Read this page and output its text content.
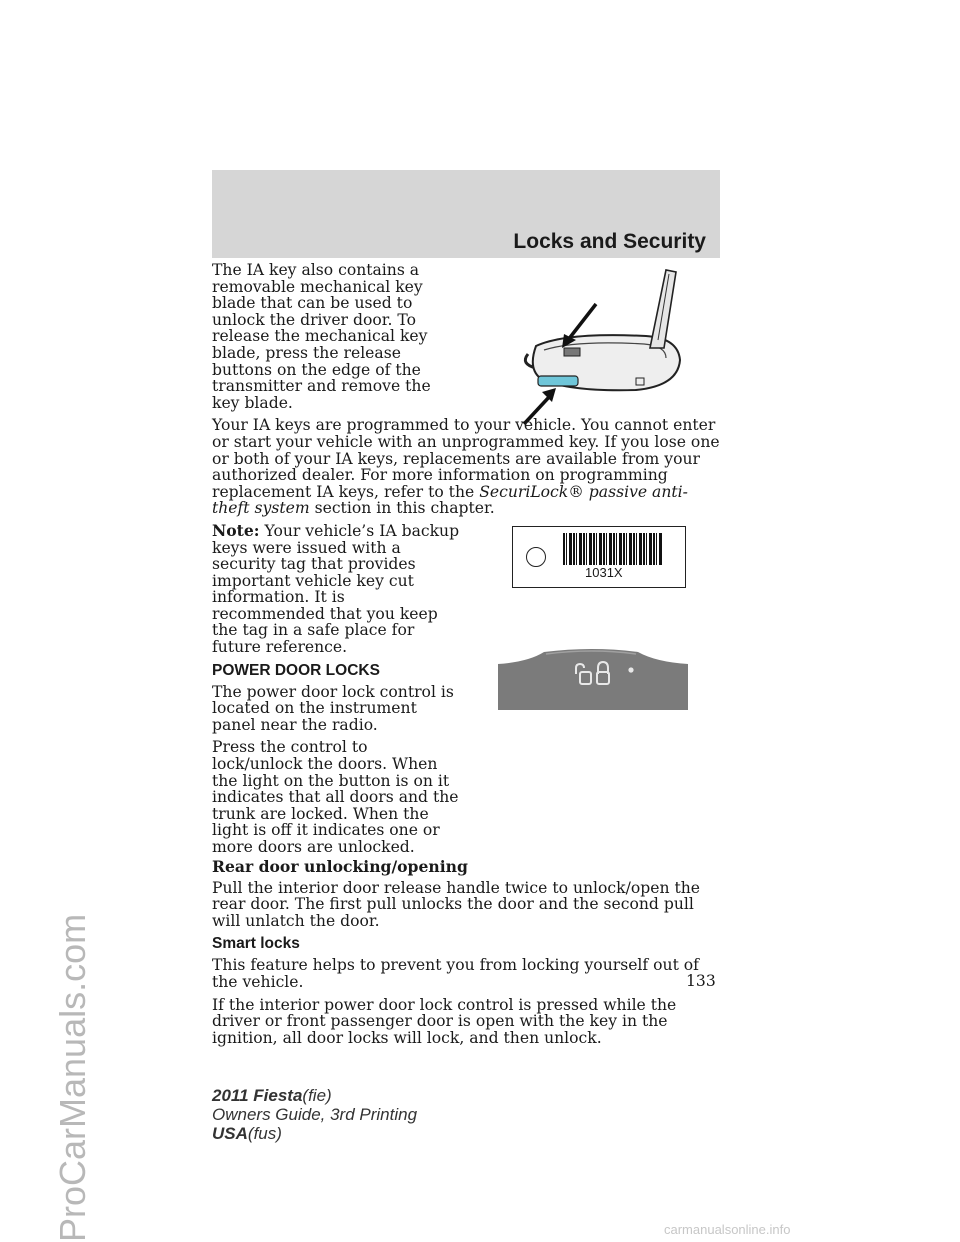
Locks and Security
ProCarManuals.com
1031X

The IA key also contains a removable mechanical key blade that can be used to unlock the driver door. To release the mechanical key blade, press the release buttons on the edge of the transmitter and remove the key blade.

Your IA keys are programmed to your vehicle. You cannot enter or start your vehicle with an unprogrammed key. If you lose one or both of your IA keys, replacements are available from your authorized dealer. For more information on programming replacement IA keys, refer to the SecuriLock® passive anti-theft system section in this chapter.

Note: Your vehicle’s IA backup keys were issued with a security tag that provides important vehicle key cut information. It is recommended that you keep the tag in a safe place for future reference.

POWER DOOR LOCKS

The power door lock control is located on the instrument panel near the radio.

Press the control to lock/unlock the doors. When the light on the button is on it indicates that all doors and the trunk are locked. When the light is off it indicates one or more doors are unlocked.

Rear door unlocking/opening

Pull the interior door release handle twice to unlock/open the rear door. The first pull unlocks the door and the second pull will unlatch the door.

Smart locks

This feature helps to prevent you from locking yourself out of the vehicle.

If the interior power door lock control is pressed while the driver or front passenger door is open with the key in the ignition, all door locks will lock, and then unlock.

133
2011 Fiesta(fie)
Owners Guide, 3rd Printing
USA(fus)
carmanualsonline.info
